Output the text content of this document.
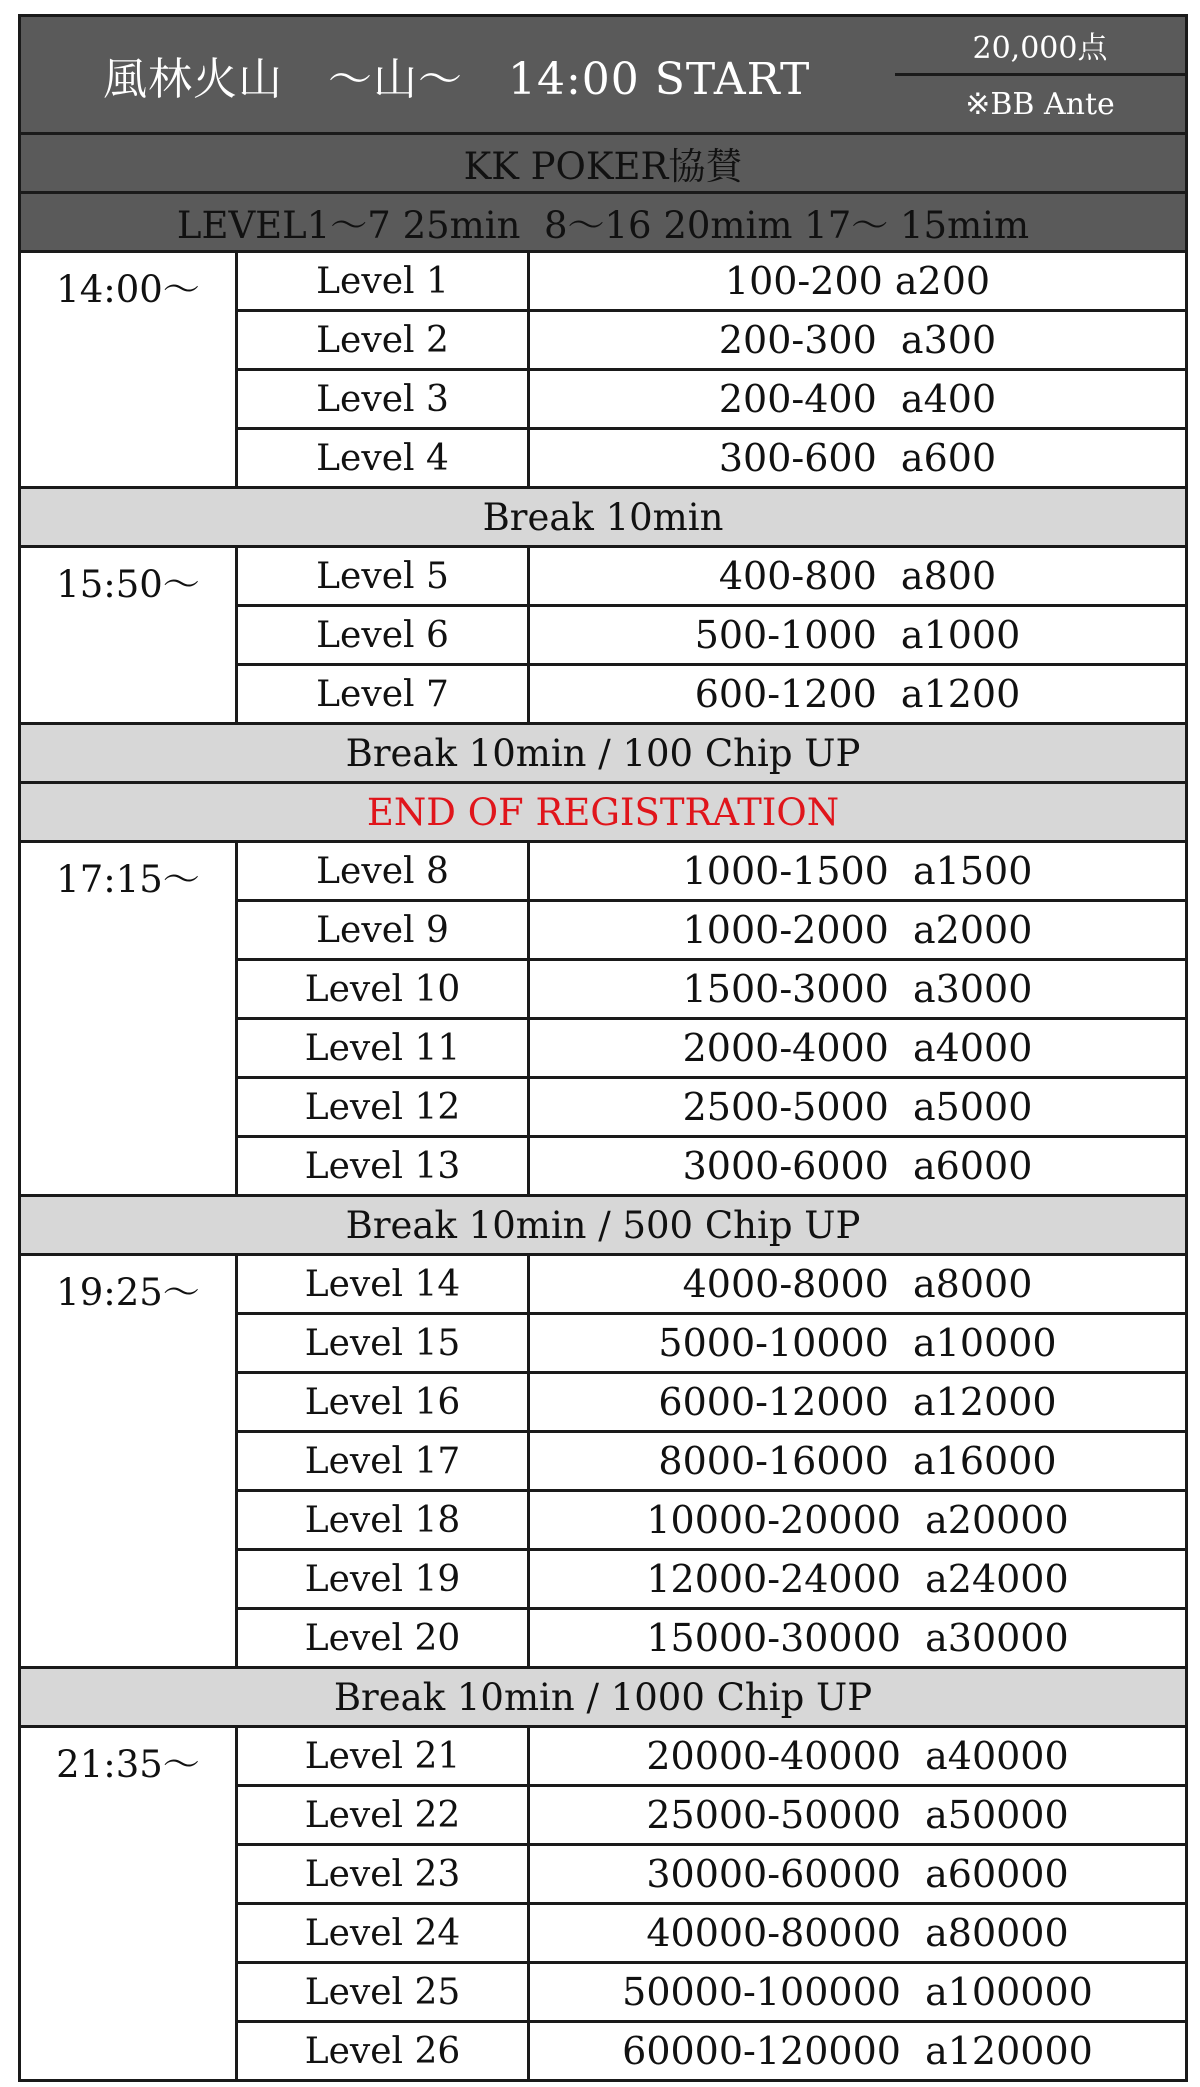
風林火山　～山～　14:00 START
20,000点
※BB Ante
KK POKER協賛
LEVEL1～7 25min  8～16 20mim 17～ 15mim
14:00～	Level 1	100-200 a200
Level 2	200-300  a300
Level 3	200-400  a400
Level 4	300-600  a600
Break 10min
15:50～	Level 5	400-800  a800
Level 6	500-1000  a1000
Level 7	600-1200  a1200
Break 10min / 100 Chip UP
END OF REGISTRATION
17:15～	Level 8	1000-1500  a1500
Level 9	1000-2000  a2000
Level 10	1500-3000  a3000
Level 11	2000-4000  a4000
Level 12	2500-5000  a5000
Level 13	3000-6000  a6000
Break 10min / 500 Chip UP
19:25～	Level 14	4000-8000  a8000
Level 15	5000-10000  a10000
Level 16	6000-12000  a12000
Level 17	8000-16000  a16000
Level 18	10000-20000  a20000
Level 19	12000-24000  a24000
Level 20	15000-30000  a30000
Break 10min / 1000 Chip UP
21:35～	Level 21	20000-40000  a40000
Level 22	25000-50000  a50000
Level 23	30000-60000  a60000
Level 24	40000-80000  a80000
Level 25	50000-100000  a100000
Level 26	60000-120000  a120000
